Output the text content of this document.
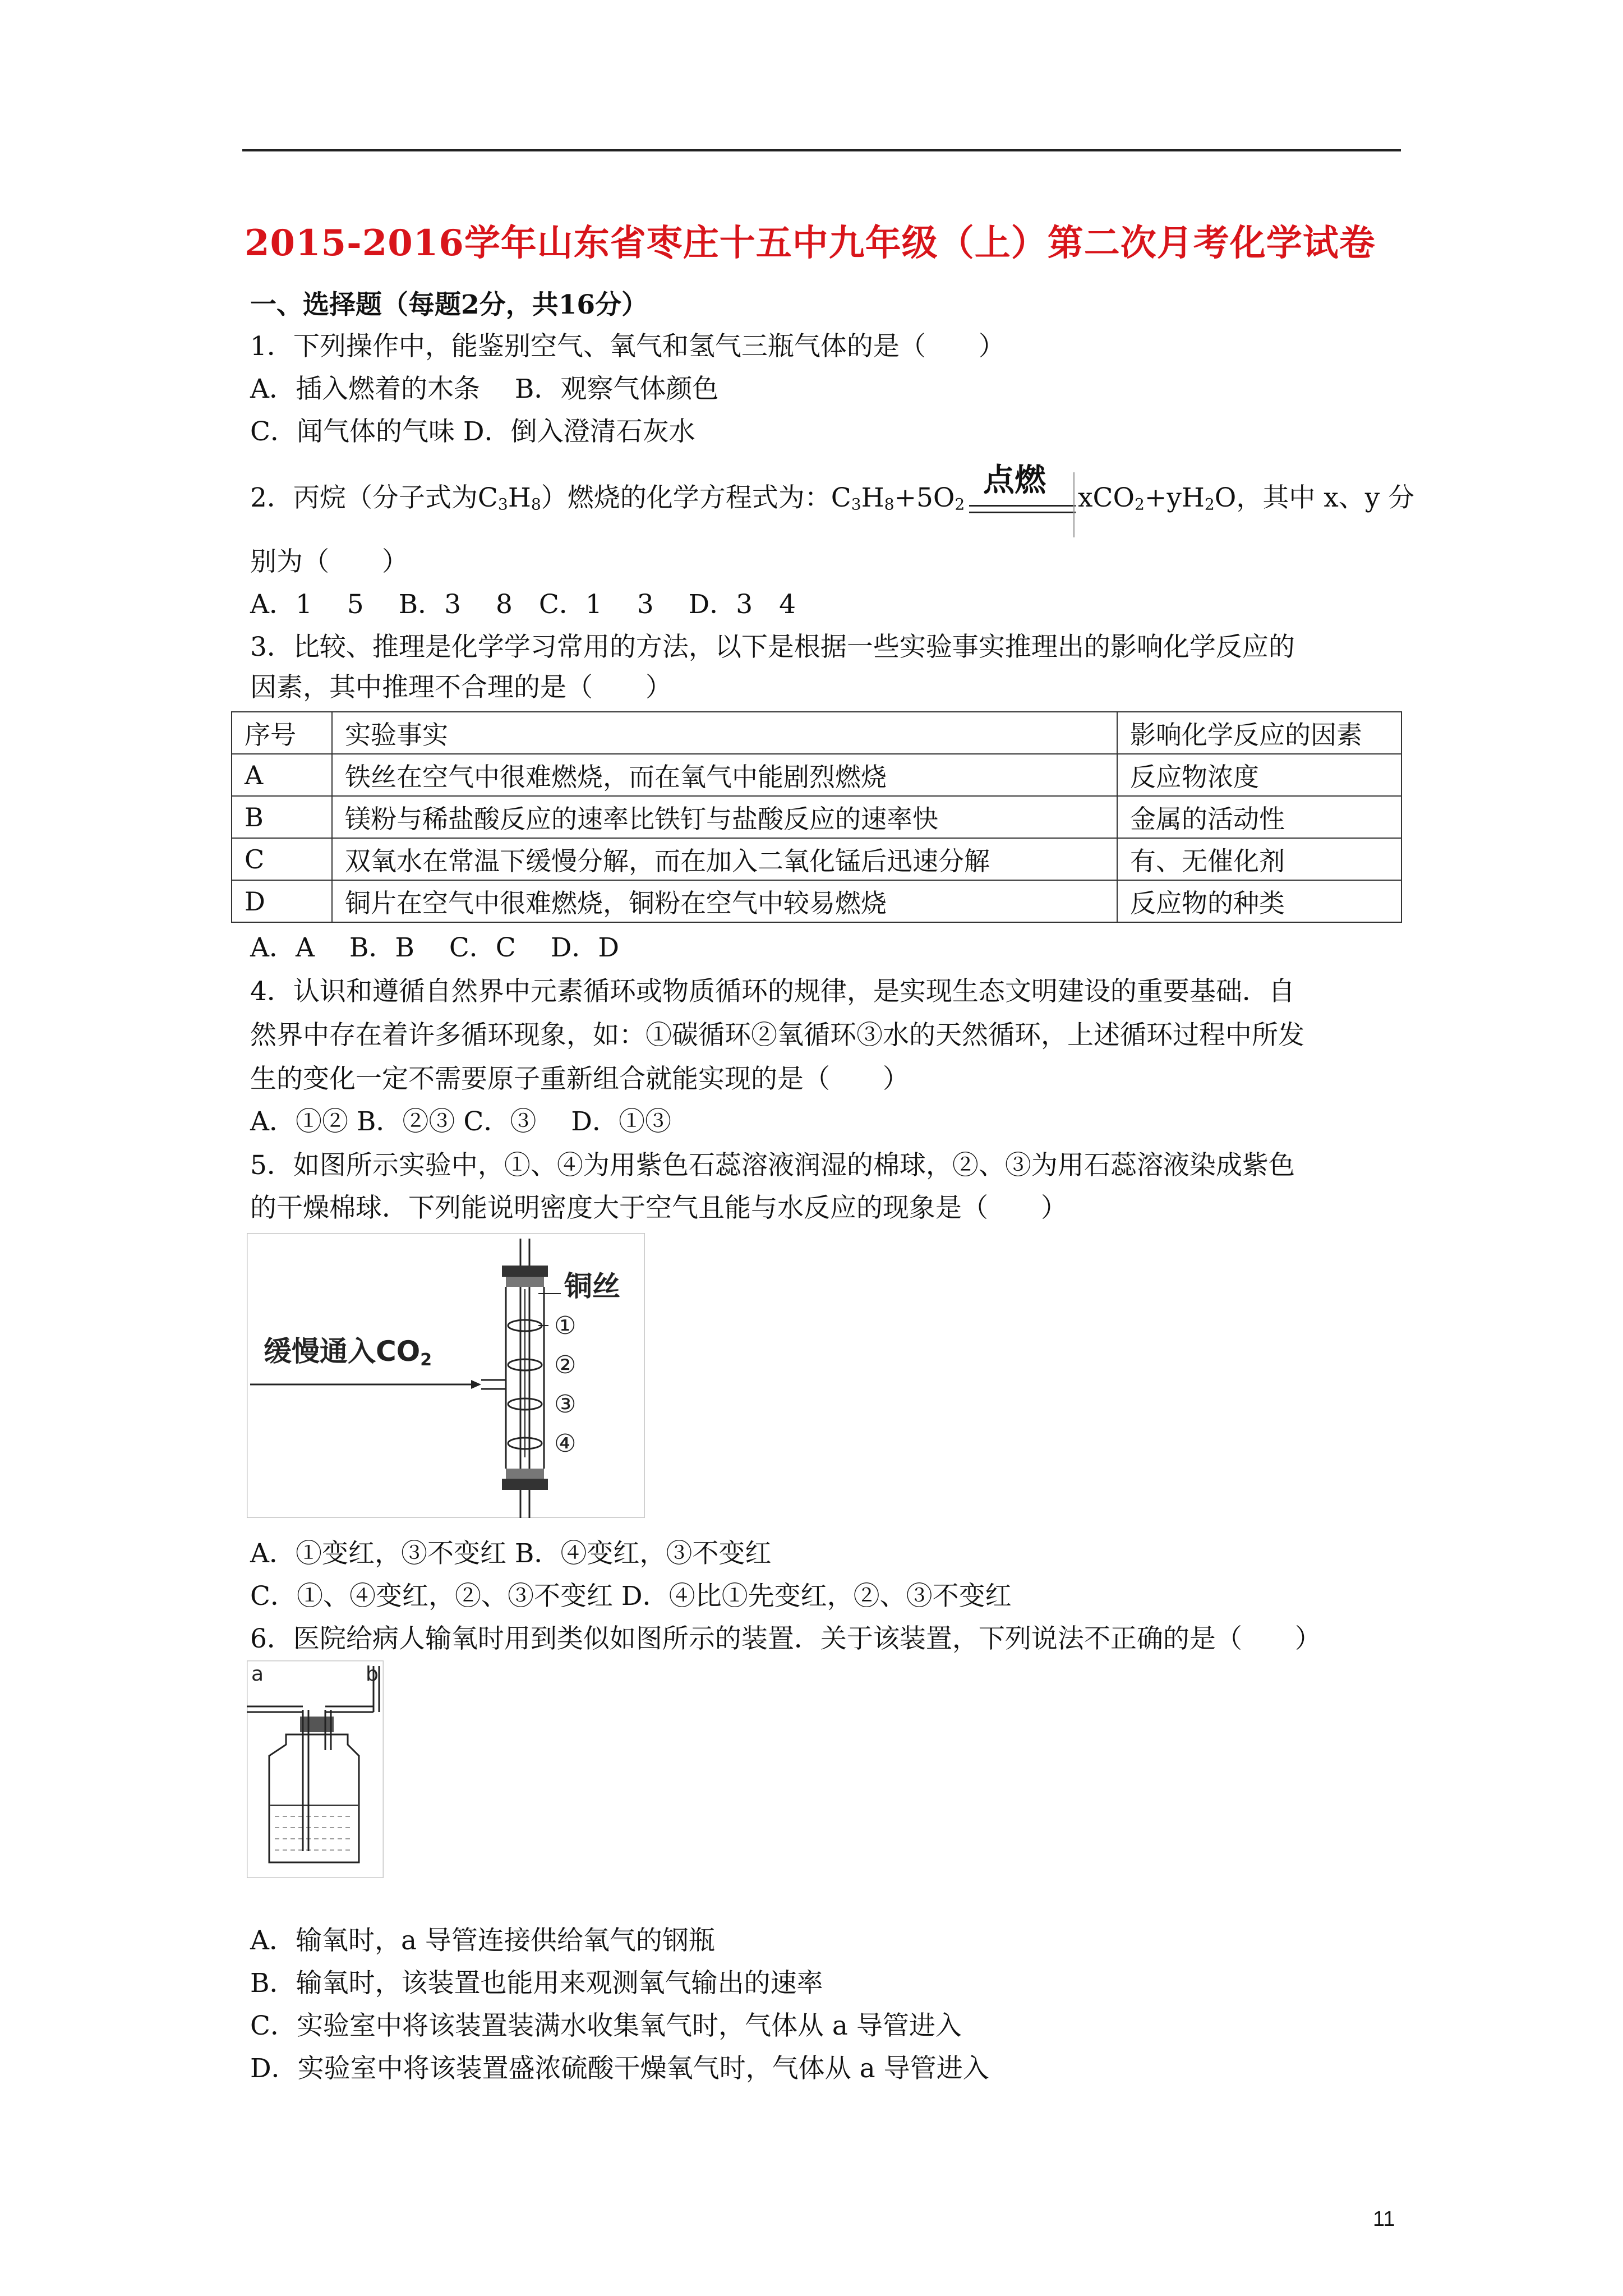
2015-2016学年山东省枣庄十五中九年级（上）第二次月考化学试卷
一、选择题（每题2分，共16分）
1．下列操作中，能鉴别空气、氧气和氢气三瓶气体的是（　　）
A．插入燃着的木条　 B．观察气体颜色
C．闻气体的气味 D．倒入澄清石灰水
2．丙烷（分子式为$C_3H_8$）燃烧的化学方程式为：$C_3H_8+5O_2$
点燃 $xCO_2+yH_2O$，其中 x、y 分
别为（　　）
A．1　 5　 B．3　 8　C．1　 3　 D．3　4
3．比较、推理是化学学习常用的方法，以下是根据一些实验事实推理出的影响化学反应的
因素，其中推理不合理的是（　　）
序号	实验事实	影响化学反应的因素
A	铁丝在空气中很难燃烧，而在氧气中能剧烈燃烧	反应物浓度
B	镁粉与稀盐酸反应的速率比铁钉与盐酸反应的速率快	金属的活动性
C	双氧水在常温下缓慢分解，而在加入二氧化锰后迅速分解	有、无催化剂
D	铜片在空气中很难燃烧，铜粉在空气中较易燃烧	反应物的种类
A．A　 B．B　 C．C　 D．D
4．认识和遵循自然界中元素循环或物质循环的规律，是实现生态文明建设的重要基础．自
然界中存在着许多循环现象，如：①碳循环②氧循环③水的天然循环，上述循环过程中所发
生的变化一定不需要原子重新组合就能实现的是（　　）
A．①② B．②③ C．③　 D．①③
5．如图所示实验中，①、④为用紫色石蕊溶液润湿的棉球，②、③为用石蕊溶液染成紫色
的干燥棉球．下列能说明密度大于空气且能与水反应的现象是（　　）
缓慢通入CO2
铜丝
①
②
③
④
A．①变红，③不变红 B．④变红，③不变红
C．①、④变红，②、③不变红 D．④比①先变红，②、③不变红
6．医院给病人输氧时用到类似如图所示的装置．关于该装置，下列说法不正确的是（　　）
a	b
A．输氧时，a 导管连接供给氧气的钢瓶
B．输氧时，该装置也能用来观测氧气输出的速率
C．实验室中将该装置装满水收集氧气时，气体从 a 导管进入
D．实验室中将该装置盛浓硫酸干燥氧气时，气体从 a 导管进入
11
